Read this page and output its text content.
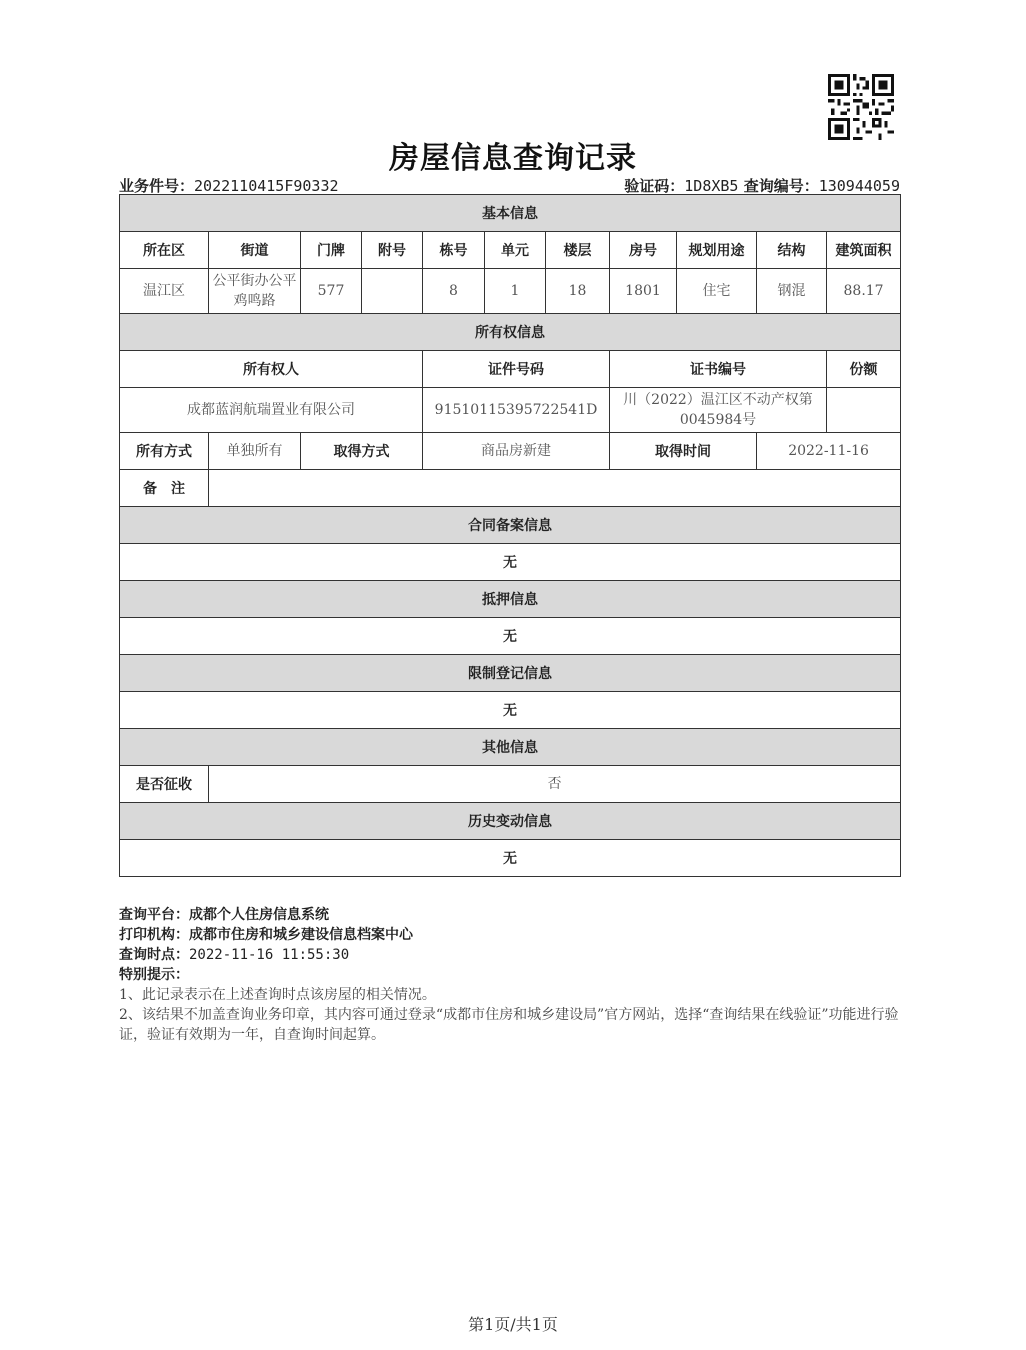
房屋信息查询记录
业务件号：2022110415F90332	验证码：1D8XB5 查询编号：130944059
基本信息										
所在区	街道	门牌	附号	栋号	单元	楼层	房号	规划用途	结构	建筑面积
温江区	公平街办公平鸡鸣路	577		8	1	18	1801	住宅	钢混	88.17
所有权信息										
所有权人				证件号码			证书编号			份额
成都蓝润航瑞置业有限公司				91510115395722541D			川（2022）温江区不动产权第0045984号			
所有方式	单独所有	取得方式		商品房新建			取得时间		2022-11-16	
备　注										
合同备案信息										
无										
抵押信息										
无										
限制登记信息										
无										
其他信息										
是否征收	否									
历史变动信息										
无										
查询平台：成都个人住房信息系统
打印机构：成都市住房和城乡建设信息档案中心
查询时点：2022-11-16 11:55:30
特别提示：
1、此记录表示在上述查询时点该房屋的相关情况。
2、该结果不加盖查询业务印章，其内容可通过登录“成都市住房和城乡建设局”官方网站，选择“查询结果在线验证”功能进行验证，验证有效期为一年，自查询时间起算。
第1页/共1页
